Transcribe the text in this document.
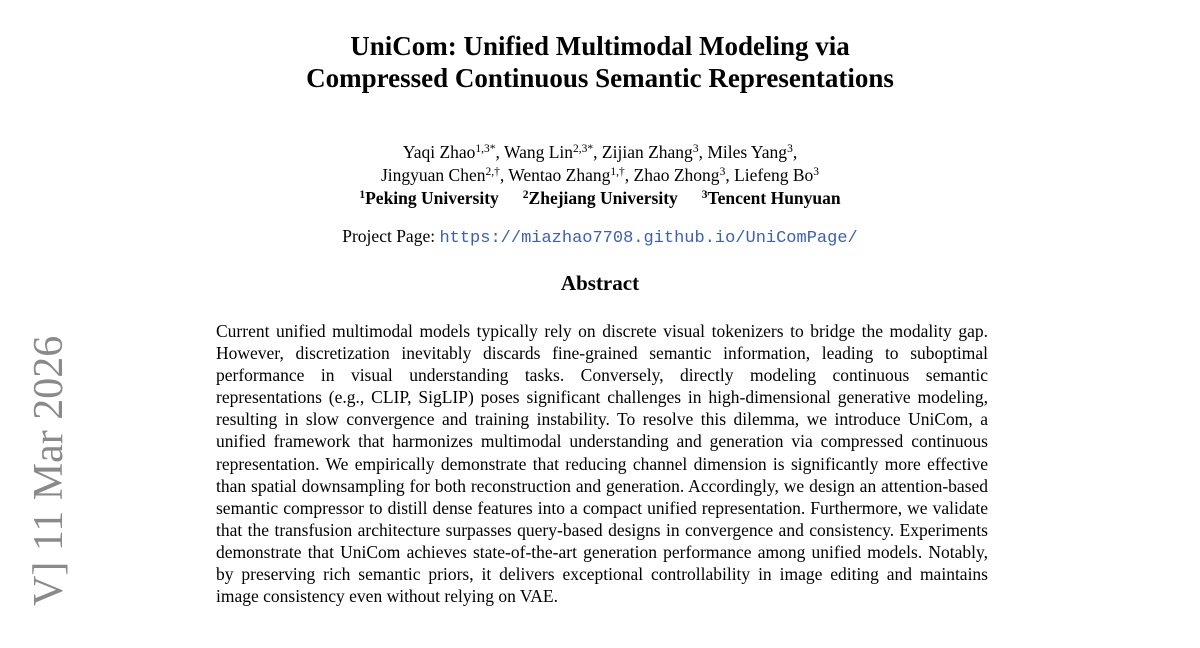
V] 11 Mar 2026
UniCom: Unified Multimodal Modeling via
Compressed Continuous Semantic Representations
Yaqi Zhao$^{1,3*}$, Wang Lin$^{2,3*}$, Zijian Zhang$^3$, Miles Yang$^3$,
Jingyuan Chen$^{2,\dagger}$, Wentao Zhang$^{1,\dagger}$, Zhao Zhong$^3$, Liefeng Bo$^3$
$^1$Peking University $^2$Zhejiang University $^3$Tencent Hunyuan
Project Page: https://miazhao7708.github.io/UniComPage/
Abstract

Current unified multimodal models typically rely on discrete visual tokenizers to bridge the modality gap. However, discretization inevitably discards fine-grained semantic information, leading to suboptimal performance in visual understanding tasks. Conversely, directly modeling continuous semantic representations (e.g., CLIP, SigLIP) poses significant challenges in high-dimensional generative modeling, resulting in slow convergence and training instability. To resolve this dilemma, we introduce UniCom, a unified framework that harmonizes multimodal understanding and generation via compressed continuous representation. We empirically demonstrate that reducing channel dimension is significantly more effective than spatial downsampling for both reconstruction and generation. Accordingly, we design an attention-based semantic compressor to distill dense features into a compact unified representation. Furthermore, we validate that the transfusion architecture surpasses query-based designs in convergence and consistency. Experiments demonstrate that UniCom achieves state-of-the-art generation performance among unified models. Notably, by preserving rich semantic priors, it delivers exceptional controllability in image editing and maintains image consistency even without relying on VAE.
